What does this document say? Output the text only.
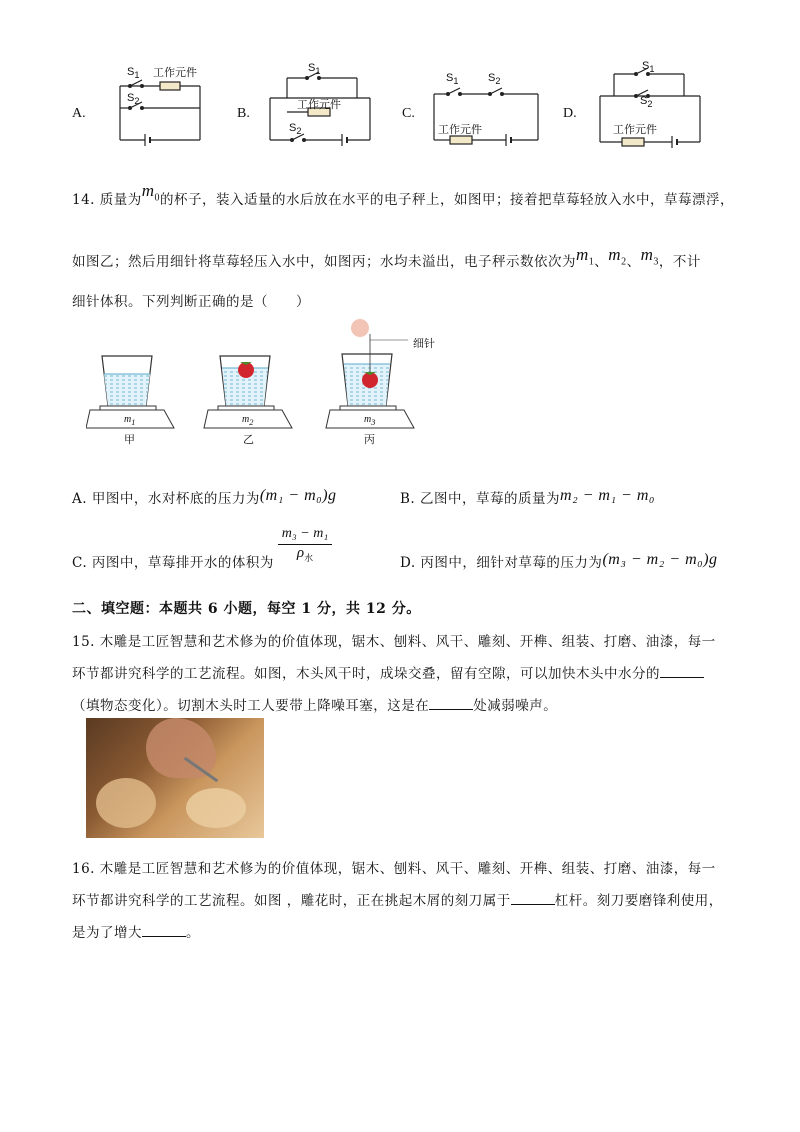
A.
$S_1$ 工作元件
$S_2$
B.
$S_1$
工作元件
$S_2$
C.
$S_1$	$S_2$
工作元件
D.
$S_1$
$S_2$
工作元件
14. 质量为$m_0$的杯子，装入适量的水后放在水平的电子秤上，如图甲；接着把草莓轻放入水中，草莓漂浮，
如图乙；然后用细针将草莓轻压入水中，如图丙；水均未溢出，电子秤示数依次为$m_1$、$m_2$、$m_3$，不计
细针体积。下列判断正确的是（　　）
细针
$m_1$	$m_2$	$m_3$
甲	乙	丙
A. 甲图中，水对杯底的压力为(m₁ − m₀)g	B. 乙图中，草莓的质量为m₂ − m₁ − m₀
C. 丙图中，草莓排开水的体积为
m₃ − m₁
$\rho_水$	D. 丙图中，细针对草莓的压力为(m₃ − m₂ − m₀)g
二、填空题：本题共 6 小题，每空 1 分，共 12 分。
15. 木雕是工匠智慧和艺术修为的价值体现，锯木、刨料、风干、雕刻、开榫、组装、打磨、油漆，每一
环节都讲究科学的工艺流程。如图，木头风干时，成垛交叠，留有空隙，可以加快木头中水分的
（填物态变化）。切割木头时工人要带上降噪耳塞，这是在	处减弱噪声。
16. 木雕是工匠智慧和艺术修为的价值体现，锯木、刨料、风干、雕刻、开榫、组装、打磨、油漆，每一
环节都讲究科学的工艺流程。如图 ，雕花时，正在挑起木屑的刻刀属于	杠杆。刻刀要磨锋利使用，
是为了增大	。
